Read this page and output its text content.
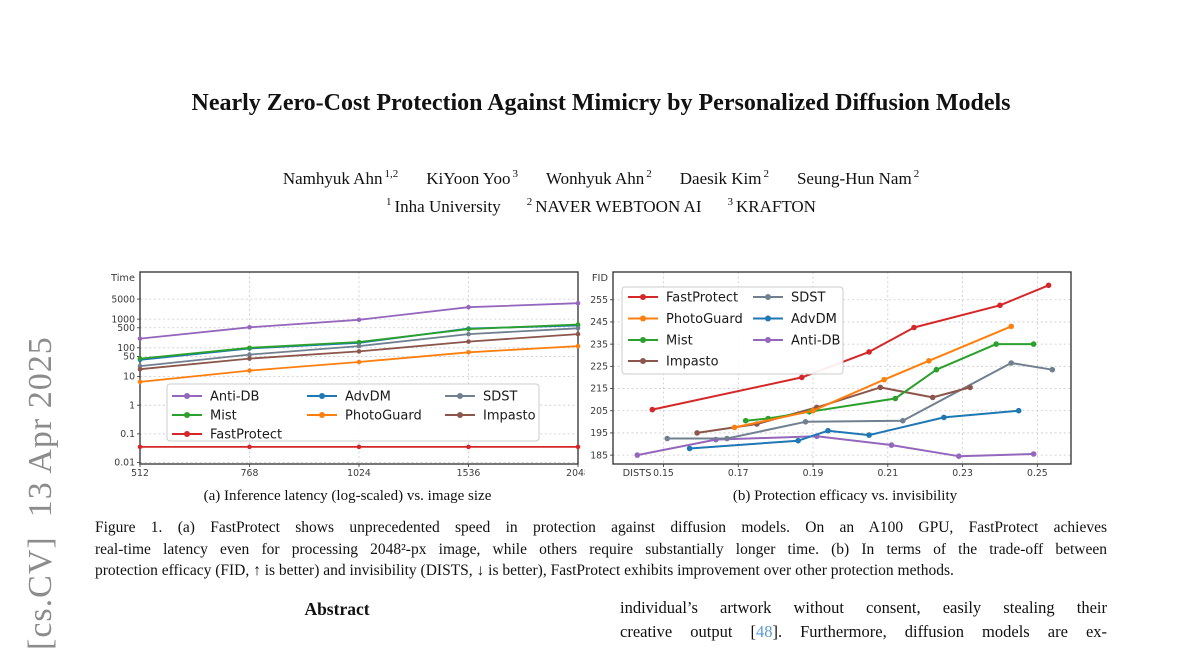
[cs.CV]  13 Apr 2025
Nearly Zero-Cost Protection Against Mimicry by Personalized Diffusion Models
Namhyuk Ahn $^{1,2}$ KiYoon Yoo $^3$ Wonhyuk Ahn $^2$ Daesik Kim $^2$ Seung-Hun Nam $^2$
$^1$ Inha University $^2$ NAVER WEBTOON AI $^3$ KRAFTON
512	768	1024	1536	2048
5000
1000
500
100
50
10
1
0.1
0.01
Time
Anti-DB
Mist
FastProtect
AdvDM
PhotoGuard
SDST
Impasto
0.15	0.17	0.19	0.21	0.23	0.25
185
195
205
215
225
235
245
255
FID
DISTS
FastProtect
PhotoGuard
Mist
Impasto
SDST
AdvDM
Anti-DB
(a) Inference latency (log-scaled) vs. image size	(b) Protection efficacy vs. invisibility
Figure 1. (a) FastProtect shows unprecedented speed in protection against diffusion models. On an A100 GPU, FastProtect achieves
real-time latency even for processing 2048²-px image, while others require substantially longer time. (b) In terms of the trade-off between
protection efficacy (FID, ↑ is better) and invisibility (DISTS, ↓ is better), FastProtect exhibits improvement over other protection methods.
Abstract	individual’s artwork without consent, easily stealing their
creative output [48]. Furthermore, diffusion models are ex-
